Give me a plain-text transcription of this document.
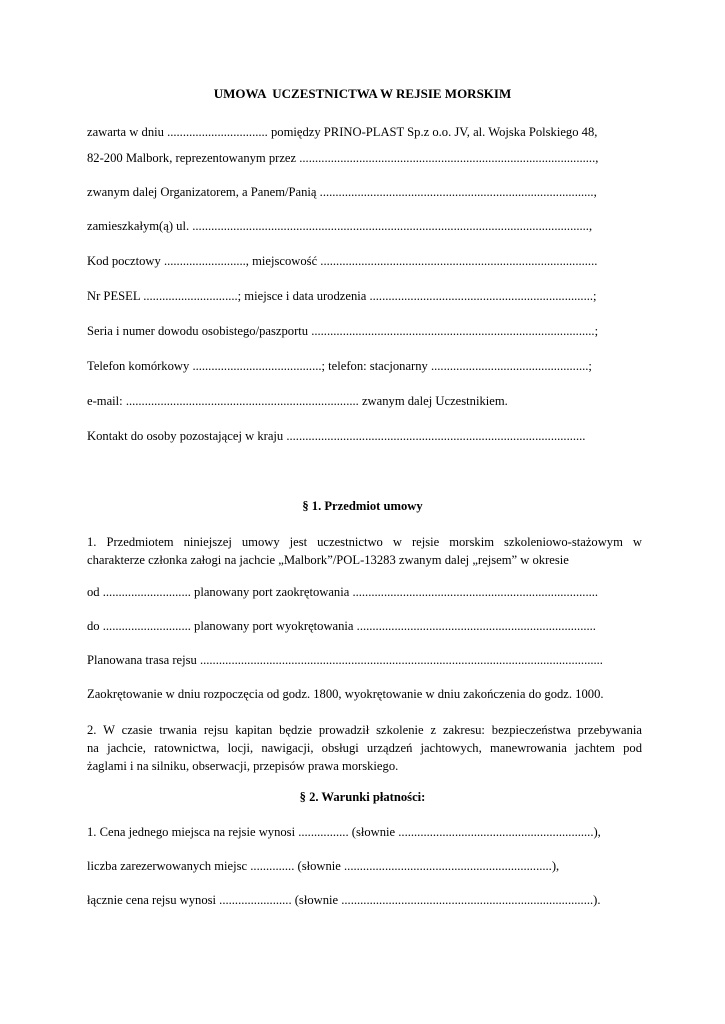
UMOWA  UCZESTNICTWA W REJSIE MORSKIM
zawarta w dniu ................................ pomiędzy PRINO-PLAST Sp.z o.o. JV, al. Wojska Polskiego 48,
82-200 Malbork, reprezentowanym przez ..............................................................................................,
zwanym dalej Organizatorem, a Panem/Panią .......................................................................................,
zamieszkałym(ą) ul. ..............................................................................................................................,
Kod pocztowy .........................., miejscowość ........................................................................................
Nr PESEL ..............................; miejsce i data urodzenia .......................................................................;
Seria i numer dowodu osobistego/paszportu ..........................................................................................;
Telefon komórkowy .........................................; telefon: stacjonarny ..................................................;
e-mail: .......................................................................... zwanym dalej Uczestnikiem.
Kontakt do osoby pozostającej w kraju ...............................................................................................
§ 1. Przedmiot umowy
1. Przedmiotem niniejszej umowy jest uczestnictwo w rejsie morskim szkoleniowo-stażowym w
charakterze członka załogi na jachcie „Malbork”/POL-13283 zwanym dalej „rejsem” w okresie
od ............................ planowany port zaokrętowania ..............................................................................
do ............................ planowany port wyokrętowania ............................................................................
Planowana trasa rejsu ................................................................................................................................
Zaokrętowanie w dniu rozpoczęcia od godz. 1800, wyokrętowanie w dniu zakończenia do godz. 1000.
2. W czasie trwania rejsu kapitan będzie prowadził szkolenie z zakresu: bezpieczeństwa przebywania
na jachcie, ratownictwa, locji, nawigacji, obsługi urządzeń jachtowych, manewrowania jachtem pod
żaglami i na silniku, obserwacji, przepisów prawa morskiego.
§ 2. Warunki płatności:
1. Cena jednego miejsca na rejsie wynosi ................ (słownie ..............................................................),
liczba zarezerwowanych miejsc .............. (słownie ..................................................................),
łącznie cena rejsu wynosi ....................... (słownie ................................................................................).
